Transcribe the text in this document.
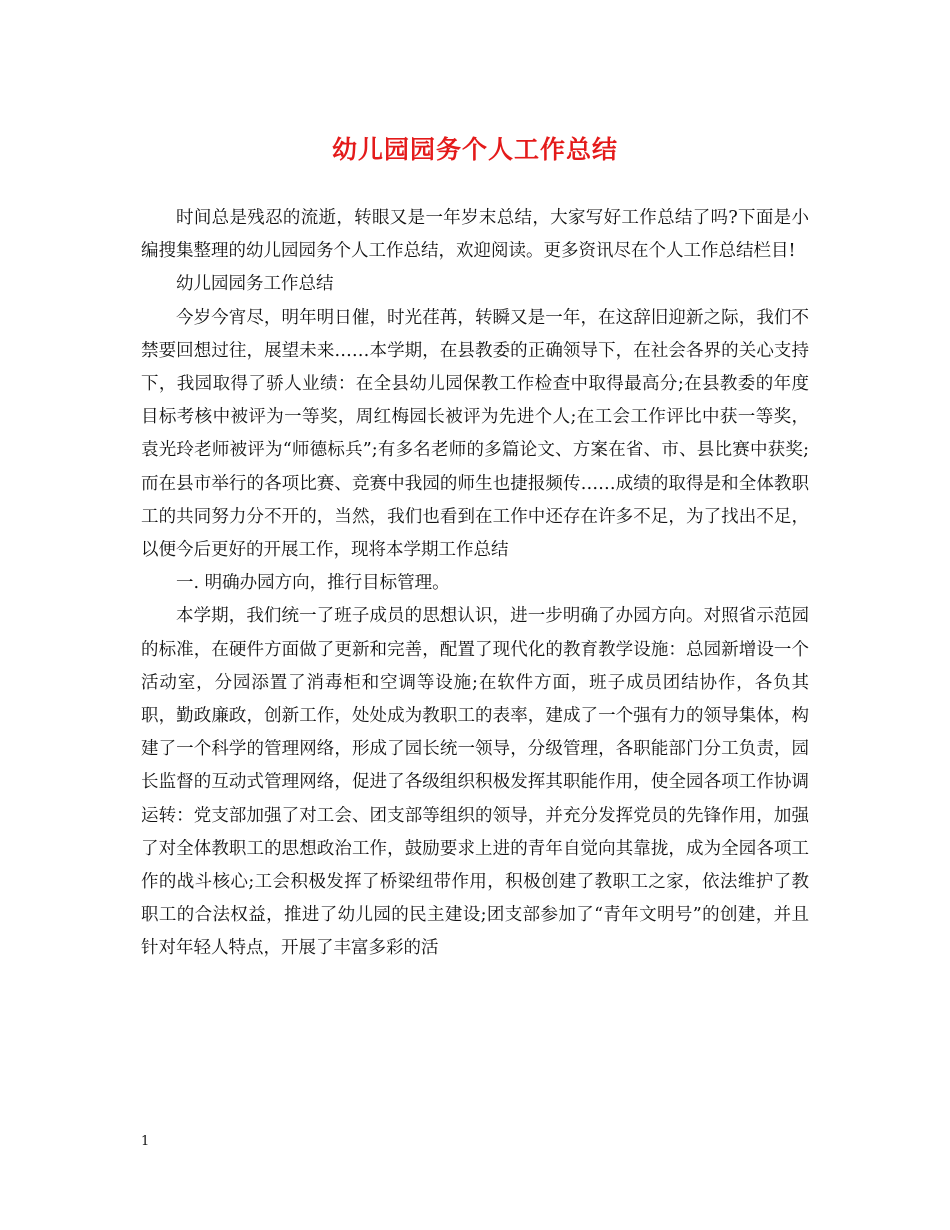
幼儿园园务个人工作总结

时间总是残忍的流逝，转眼又是一年岁末总结，大家写好工作总结了吗?下面是小编搜集整理的幼儿园园务个人工作总结，欢迎阅读。更多资讯尽在个人工作总结栏目!

幼儿园园务工作总结

今岁今宵尽，明年明日催，时光荏苒，转瞬又是一年，在这辞旧迎新之际，我们不禁要回想过往，展望未来……本学期，在县教委的正确领导下，在社会各界的关心支持下，我园取得了骄人业绩：在全县幼儿园保教工作检查中取得最高分;在县教委的年度目标考核中被评为一等奖，周红梅园长被评为先进个人;在工会工作评比中获一等奖，袁光玲老师被评为“师德标兵”;有多名老师的多篇论文、方案在省、市、县比赛中获奖;而在县市举行的各项比赛、竞赛中我园的师生也捷报频传……成绩的取得是和全体教职工的共同努力分不开的，当然，我们也看到在工作中还存在许多不足，为了找出不足，以便今后更好的开展工作，现将本学期工作总结

一. 明确办园方向，推行目标管理。

本学期，我们统一了班子成员的思想认识，进一步明确了办园方向。对照省示范园的标准，在硬件方面做了更新和完善，配置了现代化的教育教学设施：总园新增设一个活动室，分园添置了消毒柜和空调等设施;在软件方面，班子成员团结协作，各负其职，勤政廉政，创新工作，处处成为教职工的表率，建成了一个强有力的领导集体，构建了一个科学的管理网络，形成了园长统一领导，分级管理，各职能部门分工负责，园长监督的互动式管理网络，促进了各级组织积极发挥其职能作用，使全园各项工作协调运转：党支部加强了对工会、团支部等组织的领导，并充分发挥党员的先锋作用，加强了对全体教职工的思想政治工作，鼓励要求上进的青年自觉向其靠拢，成为全园各项工作的战斗核心;工会积极发挥了桥梁纽带作用，积极创建了教职工之家，依法维护了教职工的合法权益，推进了幼儿园的民主建设;团支部参加了“青年文明号”的创建，并且针对年轻人特点，开展了丰富多彩的活

1
